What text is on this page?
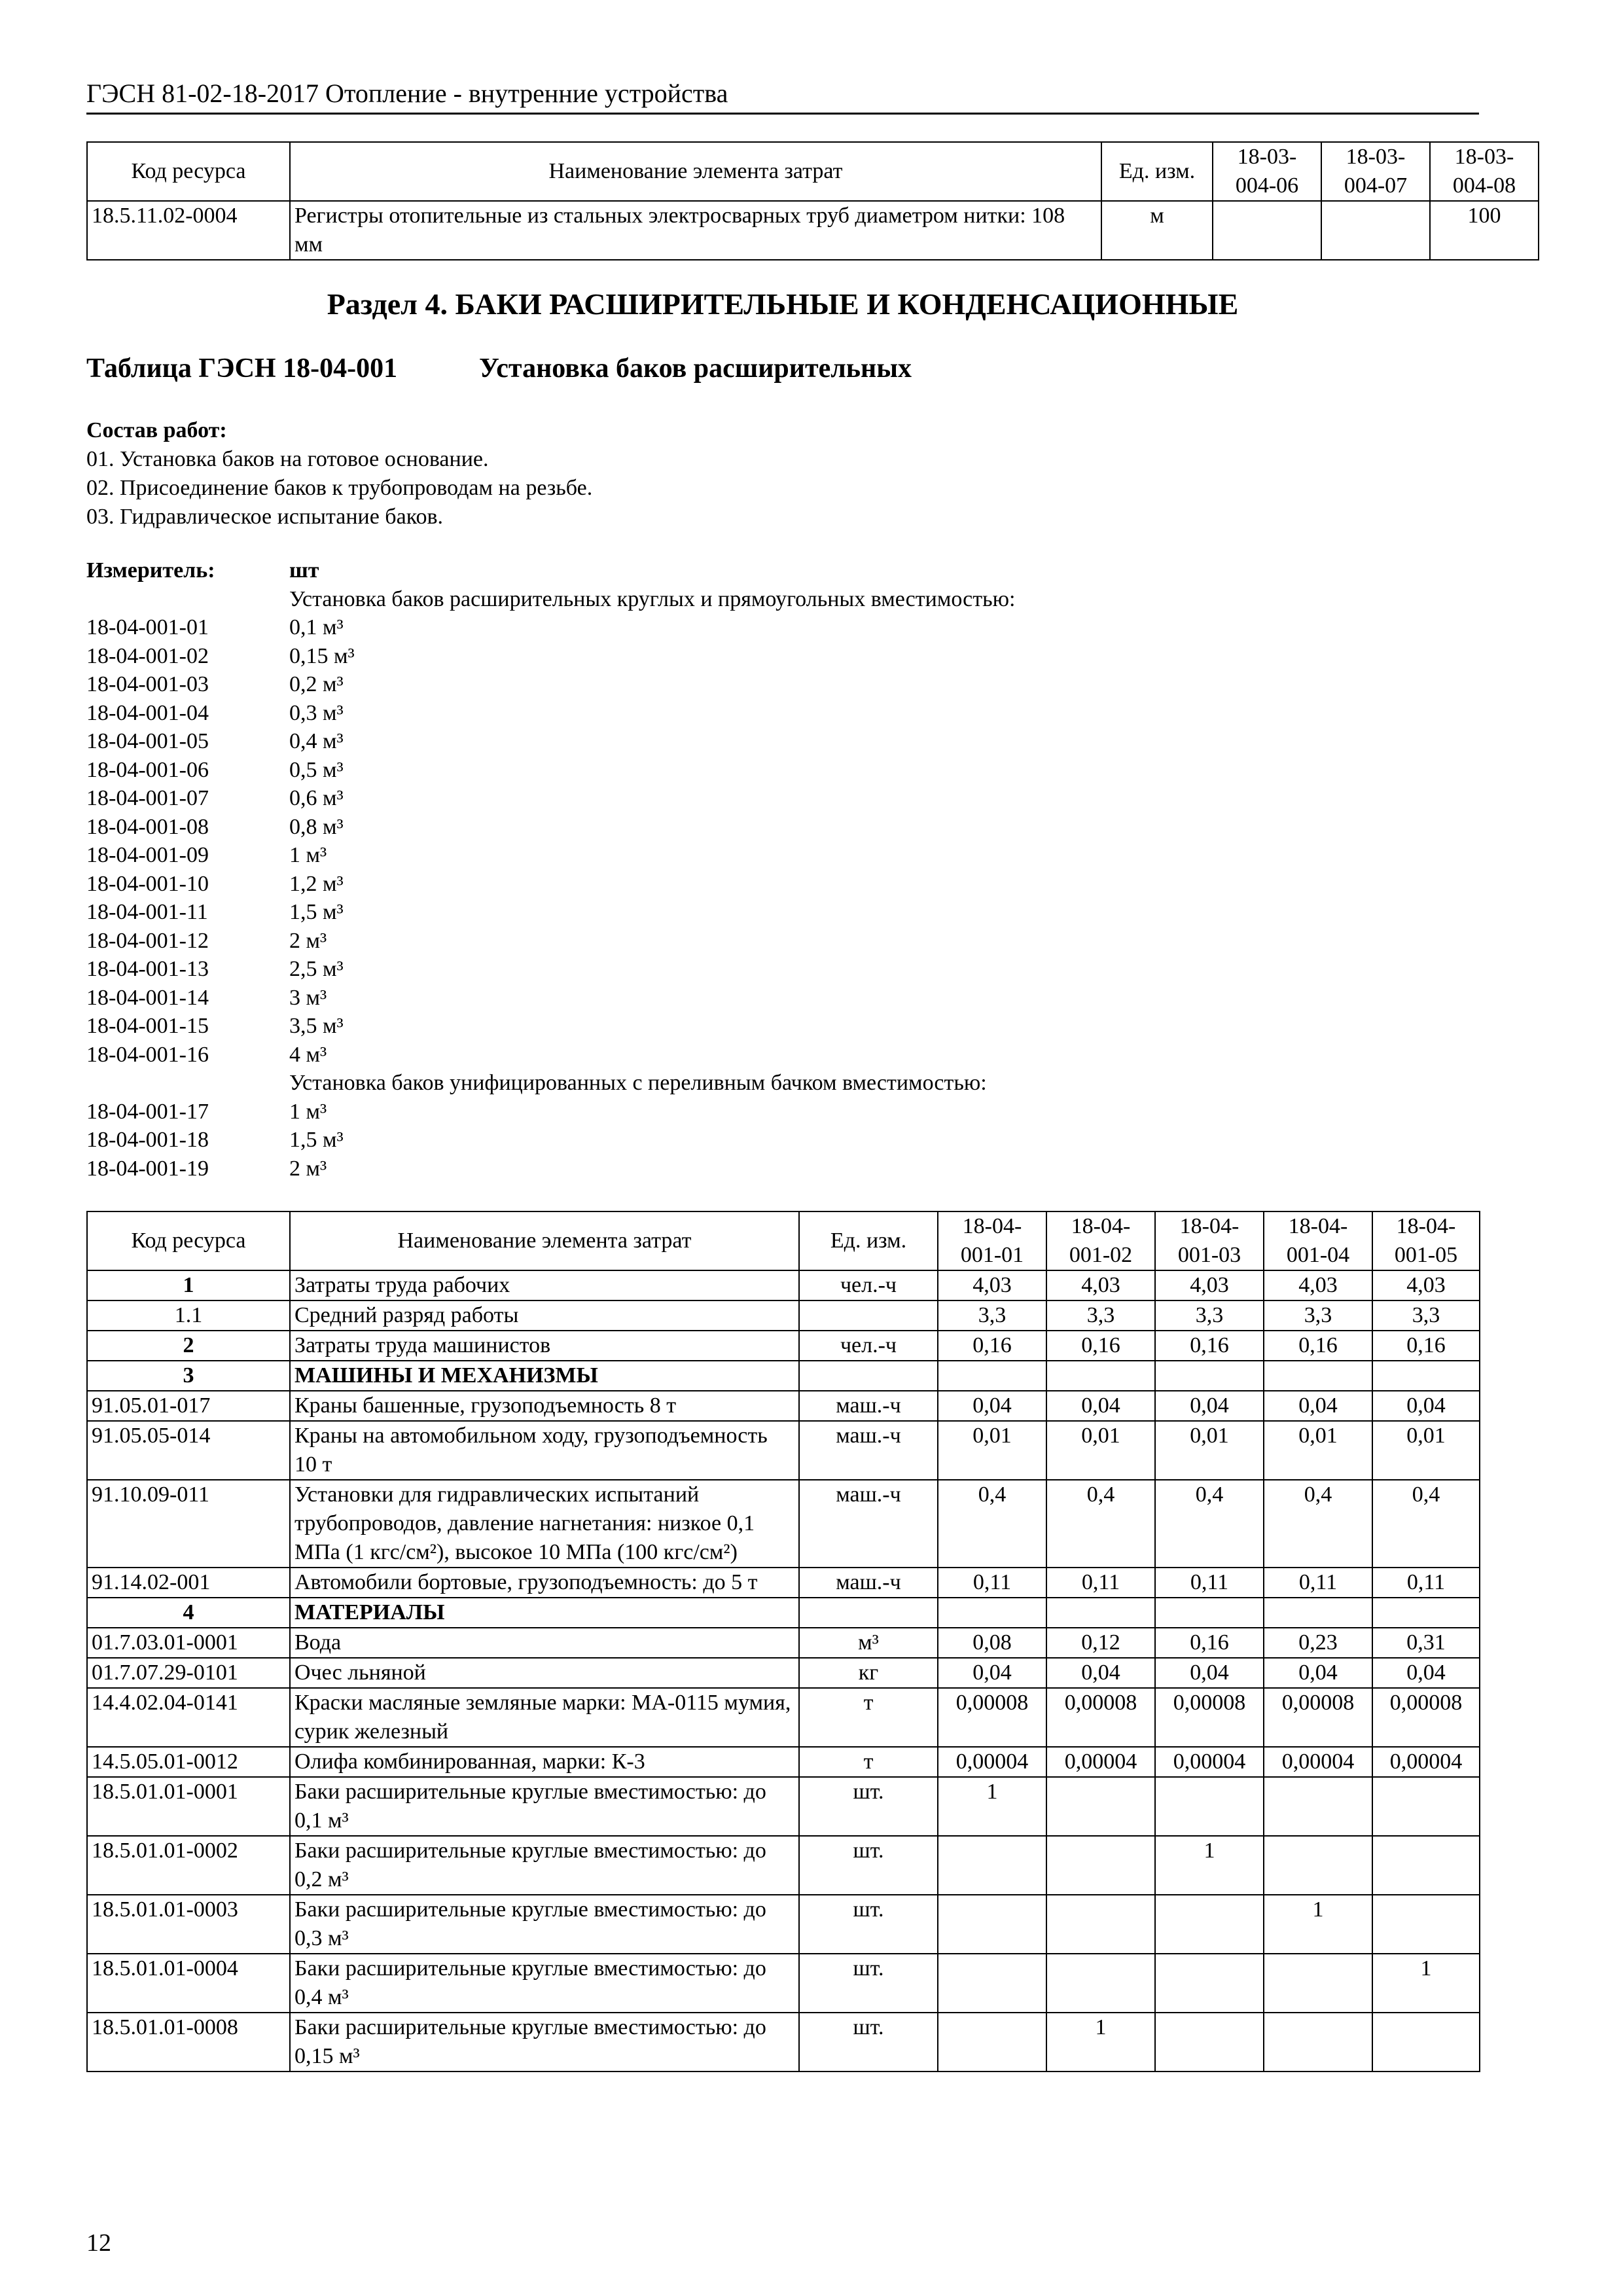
ГЭСН 81-02-18-2017 Отопление - внутренние устройства
Код ресурса	Наименование элемента затрат	Ед. изм.	18-03-004-06	18-03-004-07	18-03-004-08
18.5.11.02-0004	Регистры отопительные из стальных электросварных труб диаметром нитки: 108 мм	м			100
Раздел 4. БАКИ РАСШИРИТЕЛЬНЫЕ И КОНДЕНСАЦИОННЫЕ
Таблица ГЭСН 18-04-001	Установка баков расширительных
Состав работ:
01. Установка баков на готовое основание.
02. Присоединение баков к трубопроводам на резьбе.
03. Гидравлическое испытание баков.
Измеритель:	шт
Установка баков расширительных круглых и прямоугольных вместимостью:
18-04-001-01	0,1 м³
18-04-001-02	0,15 м³
18-04-001-03	0,2 м³
18-04-001-04	0,3 м³
18-04-001-05	0,4 м³
18-04-001-06	0,5 м³
18-04-001-07	0,6 м³
18-04-001-08	0,8 м³
18-04-001-09	1 м³
18-04-001-10	1,2 м³
18-04-001-11	1,5 м³
18-04-001-12	2 м³
18-04-001-13	2,5 м³
18-04-001-14	3 м³
18-04-001-15	3,5 м³
18-04-001-16	4 м³
Установка баков унифицированных с переливным бачком вместимостью:
18-04-001-17	1 м³
18-04-001-18	1,5 м³
18-04-001-19	2 м³
Код ресурса	Наименование элемента затрат	Ед. изм.	18-04-001-01	18-04-001-02	18-04-001-03	18-04-001-04	18-04-001-05
1	Затраты труда рабочих	чел.-ч	4,03	4,03	4,03	4,03	4,03
1.1	Средний разряд работы		3,3	3,3	3,3	3,3	3,3
2	Затраты труда машинистов	чел.-ч	0,16	0,16	0,16	0,16	0,16
3	МАШИНЫ И МЕХАНИЗМЫ						
91.05.01-017	Краны башенные, грузоподъемность 8 т	маш.-ч	0,04	0,04	0,04	0,04	0,04
91.05.05-014	Краны на автомобильном ходу, грузоподъемность 10 т	маш.-ч	0,01	0,01	0,01	0,01	0,01
91.10.09-011	Установки для гидравлических испытаний трубопроводов, давление нагнетания: низкое 0,1 МПа (1 кгс/см²), высокое 10 МПа (100 кгс/см²)	маш.-ч	0,4	0,4	0,4	0,4	0,4
91.14.02-001	Автомобили бортовые, грузоподъемность: до 5 т	маш.-ч	0,11	0,11	0,11	0,11	0,11
4	МАТЕРИАЛЫ						
01.7.03.01-0001	Вода	м³	0,08	0,12	0,16	0,23	0,31
01.7.07.29-0101	Очес льняной	кг	0,04	0,04	0,04	0,04	0,04
14.4.02.04-0141	Краски масляные земляные марки: МА-0115 мумия, сурик железный	т	0,00008	0,00008	0,00008	0,00008	0,00008
14.5.05.01-0012	Олифа комбинированная, марки: К-3	т	0,00004	0,00004	0,00004	0,00004	0,00004
18.5.01.01-0001	Баки расширительные круглые вместимостью: до 0,1 м³	шт.	1				
18.5.01.01-0002	Баки расширительные круглые вместимостью: до 0,2 м³	шт.			1		
18.5.01.01-0003	Баки расширительные круглые вместимостью: до 0,3 м³	шт.				1	
18.5.01.01-0004	Баки расширительные круглые вместимостью: до 0,4 м³	шт.					1
18.5.01.01-0008	Баки расширительные круглые вместимостью: до 0,15 м³	шт.		1			
12
